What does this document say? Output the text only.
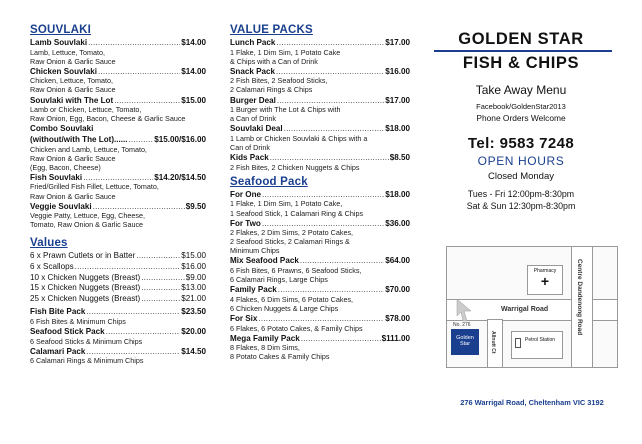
SOUVLAKI
Lamb Souvlaki .....	$14.00
Lamb, Lettuce, Tomato,
Raw Onion & Garlic Sauce
Chicken Souvlaki .....	$14.00
Chicken, Lettuce, Tomato,
Raw Onion & Garlic Sauce
Souvlaki with The Lot .....	$15.00
Lamb or Chicken, Lettuce, Tomato,
Raw Onion, Egg, Bacon, Cheese & Garlic Sauce
Combo Souvlaki
(without/with The Lot)...... .....	$15.00/$16.00
Chicken and Lamb, Lettuce, Tomato,
Raw Onion & Garlic Sauce
(Egg, Bacon, Cheese)
Fish Souvlaki .....	$14.20/$14.50
Fried/Grilled Fish Fillet, Lettuce, Tomato,
Raw Onion & Garlic Sauce
Veggie Souvlaki .....	$9.50
Veggie Patty, Lettuce, Egg, Cheese,
Tomato, Raw Onion & Garlic Sauce
Values
6 x Prawn Cutlets or in Batter .....	$15.00
6 x Scallops .....	$16.00
10 x Chicken Nuggets (Breast) .....	$9.00
15 x Chicken Nuggets (Breast) .....	$13.00
25 x Chicken Nuggets (Breast) .....	$21.00
Fish Bite Pack .....	$23.50
6 Fish Bites & Minimum Chips
Seafood Stick Pack .....	$20.00
6 Seafood Sticks & Minimum Chips
Calamari Pack .....	$14.50
6 Calamari Rings & Minimum Chips
VALUE PACKS
Lunch Pack .....	$17.00
1 Flake, 1 Dim Sim, 1 Potato Cake
& Chips with a Can of Drink
Snack Pack .....	$16.00
2 Fish Bites, 2 Seafood Sticks,
2 Calamari Rings & Chips
Burger Deal .....	$17.00
1 Burger with The Lot & Chips with
a Can of Drink
Souvlaki Deal .....	$18.00
1 Lamb or Chicken Souvlaki & Chips with a
Can of Drink
Kids Pack .....	$8.50
2 Fish Bites, 2 Chicken Nuggets & Chips
Seafood Pack
For One .....	$18.00
1 Flake, 1 Dim Sim, 1 Potato Cake,
1 Seafood Stick, 1 Calamari Ring & Chips
For Two .....	$36.00
2 Flakes, 2 Dim Sims, 2 Potato Cakes,
2 Seafood Sticks, 2 Calamari Rings &
Minimum Chips
Mix Seafood Pack .....	$64.00
6 Fish Bites, 6 Prawns, 6 Seafood Sticks,
6 Calamari Rings, Large Chips
Family Pack .....	$70.00
4 Flakes, 6 Dim Sims, 6 Potato Cakes,
6 Chicken Nuggets & Large Chips
For Six .....	$78.00
6 Flakes, 6 Potato Cakes, & Family Chips
Mega Family Pack .....	$111.00
8 Flakes, 8 Dim Sims,
8 Potato Cakes & Family Chips
GOLDEN STAR
FISH & CHIPS
Take Away Menu
Facebook/GoldenStar2013
Phone Orders Welcome
Tel: 9583 7248
OPEN HOURS
Closed Monday
Tues - Fri 12:00pm-8:30pm
Sat & Sun 12:30pm-8:30pm
Pharmacy
+
Petrol Station
Golden Star
No. 276
Warrigal Road	Centre Dandenong Road
Allnutt Ct
276 Warrigal Road, Cheltenham VIC 3192
